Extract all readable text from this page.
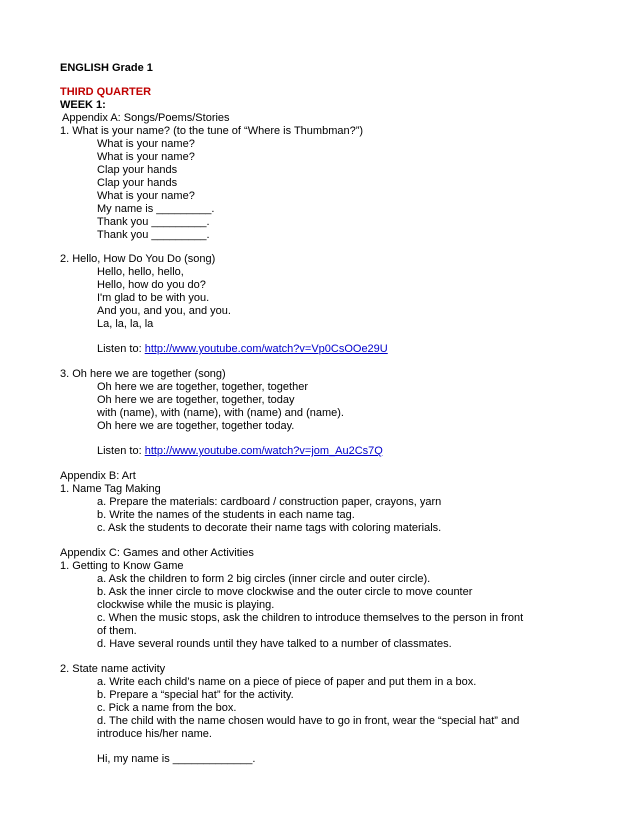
ENGLISH Grade 1
THIRD QUARTER
WEEK 1:
Appendix A: Songs/Poems/Stories
1. What is your name? (to the tune of “Where is Thumbman?”)
What is your name?
What is your name?
Clap your hands
Clap your hands
What is your name?
My name is _________.
Thank you _________.
Thank you _________.
2. Hello, How Do You Do (song)
Hello, hello, hello,
Hello, how do you do?
I'm glad to be with you.
And you, and you, and you.
La, la, la, la
Listen to: http://www.youtube.com/watch?v=Vp0CsOOe29U
3. Oh here we are together (song)
Oh here we are together, together, together
Oh here we are together, together, today
with (name), with (name), with (name) and (name).
Oh here we are together, together today.
Listen to: http://www.youtube.com/watch?v=jom_Au2Cs7Q
Appendix B: Art
1. Name Tag Making
a. Prepare the materials: cardboard / construction paper, crayons, yarn
b. Write the names of the students in each name tag.
c. Ask the students to decorate their name tags with coloring materials.
Appendix C: Games and other Activities
1. Getting to Know Game
a. Ask the children to form 2 big circles (inner circle and outer circle).
b. Ask the inner circle to move clockwise and the outer circle to move counter
clockwise while the music is playing.
c. When the music stops, ask the children to introduce themselves to the person in front
of them.
d. Have several rounds until they have talked to a number of classmates.
2. State name activity
a. Write each child’s name on a piece of piece of paper and put them in a box.
b. Prepare a “special hat” for the activity.
c. Pick a name from the box.
d. The child with the name chosen would have to go in front, wear the “special hat” and
introduce his/her name.
Hi, my name is _____________.
